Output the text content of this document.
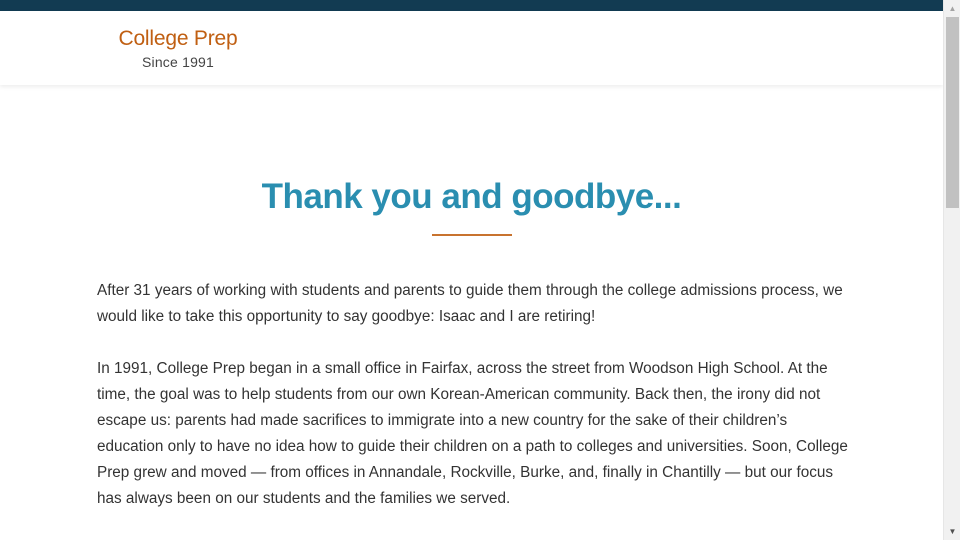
College Prep
Since 1991
Thank you and goodbye...

After 31 years of working with students and parents to guide them through the college admissions process, we would like to take this opportunity to say goodbye: Isaac and I are retiring!

In 1991, College Prep began in a small office in Fairfax, across the street from Woodson High School. At the time, the goal was to help students from our own Korean-American community. Back then, the irony did not escape us: parents had made sacrifices to immigrate into a new country for the sake of their children’s education only to have no idea how to guide their children on a path to colleges and universities. Soon, College Prep grew and moved — from offices in Annandale, Rockville, Burke, and, finally in Chantilly — but our focus has always been on our students and the families we served.

▲
▼
